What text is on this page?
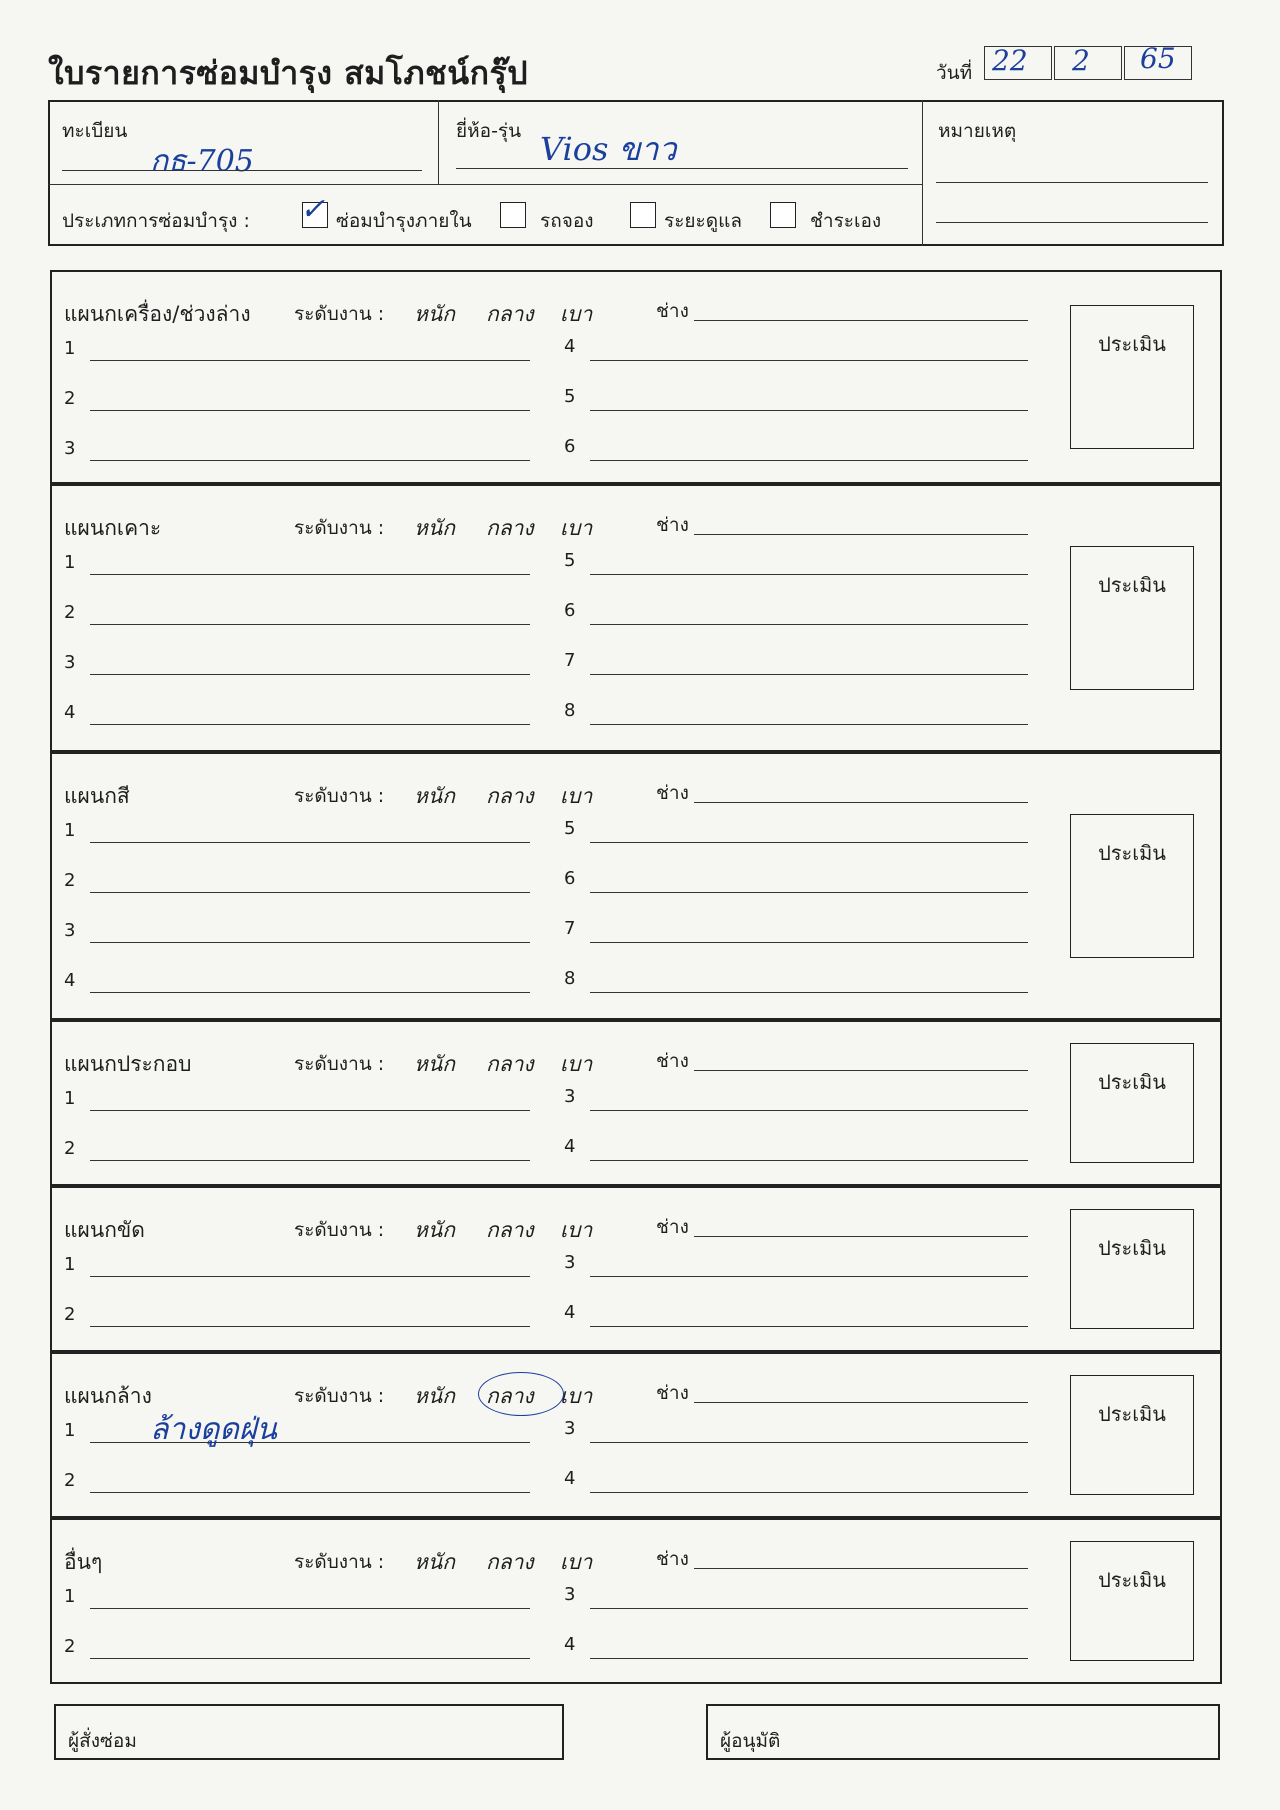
ใบรายการซ่อมบำรุง สมโภชน์กรุ๊ป	วันที่ 22 2 65
ทะเบียน
กธ-705
ยี่ห้อ-รุ่น Vios ขาว	หมายเหตุ
ประเภทการซ่อมบำรุง : ✓ ซ่อมบำรุงภายใน	รถจอง	ระยะดูแล	ชำระเอง
แผนกเครื่อง/ช่วงล่าง ระดับงาน : หนัก กลาง เบา	ช่าง
ประเมิน
1	4
2	5
3	6
แผนกเคาะ	ระดับงาน : หนัก กลาง เบา	ช่าง
ประเมิน
1	5
2	6
3	7
4	8
แผนกสี	ระดับงาน : หนัก กลาง เบา	ช่าง
ประเมิน
1	5
2	6
3	7
4	8
แผนกประกอบ	ระดับงาน : หนัก กลาง เบา	ช่าง
ประเมิน
1	3
2	4
แผนกขัด	ระดับงาน : หนัก กลาง เบา	ช่าง
ประเมิน
1	3
2	4
แผนกล้าง	ระดับงาน : หนัก กลาง เบา	ช่าง
ประเมิน
1	3
ล้างดูดฝุ่น
2	4
อื่นๆ	ระดับงาน : หนัก กลาง เบา	ช่าง
ประเมิน
1	3
2	4
ผู้สั่งซ่อม	ผู้อนุมัติ
